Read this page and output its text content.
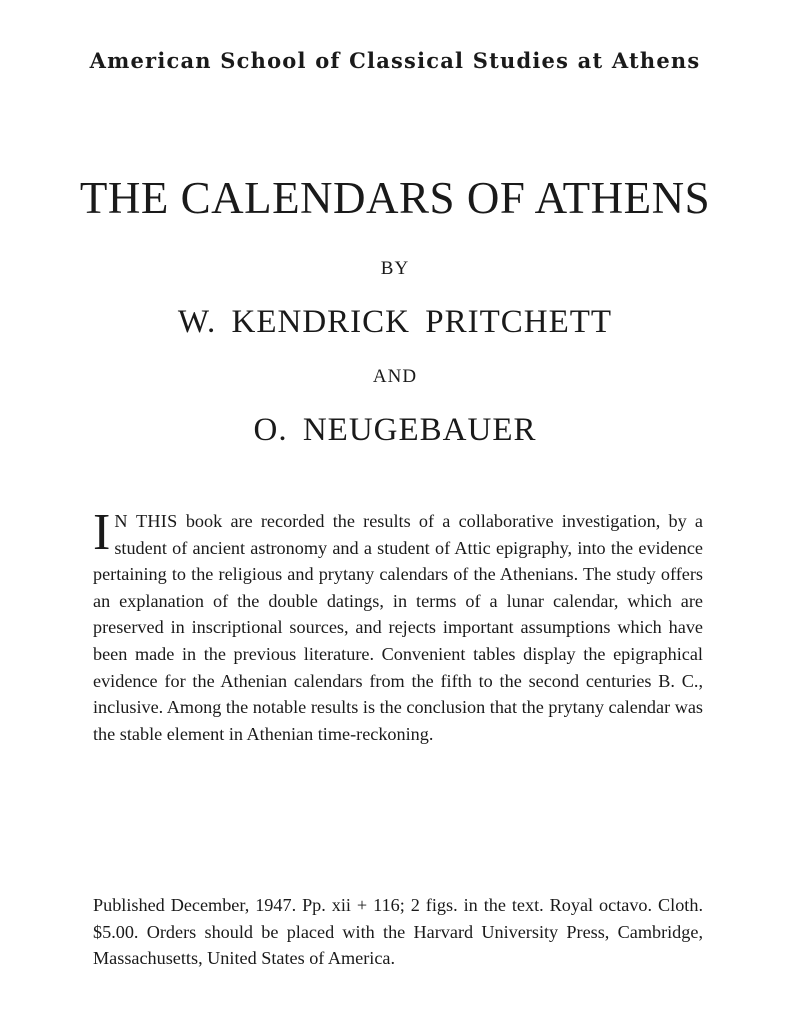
American School of Classical Studies at Athens
THE CALENDARS OF ATHENS
BY
W. KENDRICK PRITCHETT
AND
O. NEUGEBAUER
I N THIS book are recorded the results of a collaborative investigation, by a student of ancient astronomy and a student of Attic epigraphy, into the evidence pertaining to the religious and prytany calendars of the Athenians. The study offers an explanation of the double datings, in terms of a lunar calendar, which are preserved in inscriptional sources, and rejects important assumptions which have been made in the previous literature. Convenient tables display the epigraphical evidence for the Athenian calendars from the fifth to the second centuries B. C., inclusive. Among the notable results is the conclusion that the prytany calendar was the stable element in Athenian time-reckoning.
Published December, 1947. Pp. xii + 116; 2 figs. in the text. Royal octavo. Cloth. $5.00. Orders should be placed with the Harvard University Press, Cambridge, Massachusetts, United States of America.
